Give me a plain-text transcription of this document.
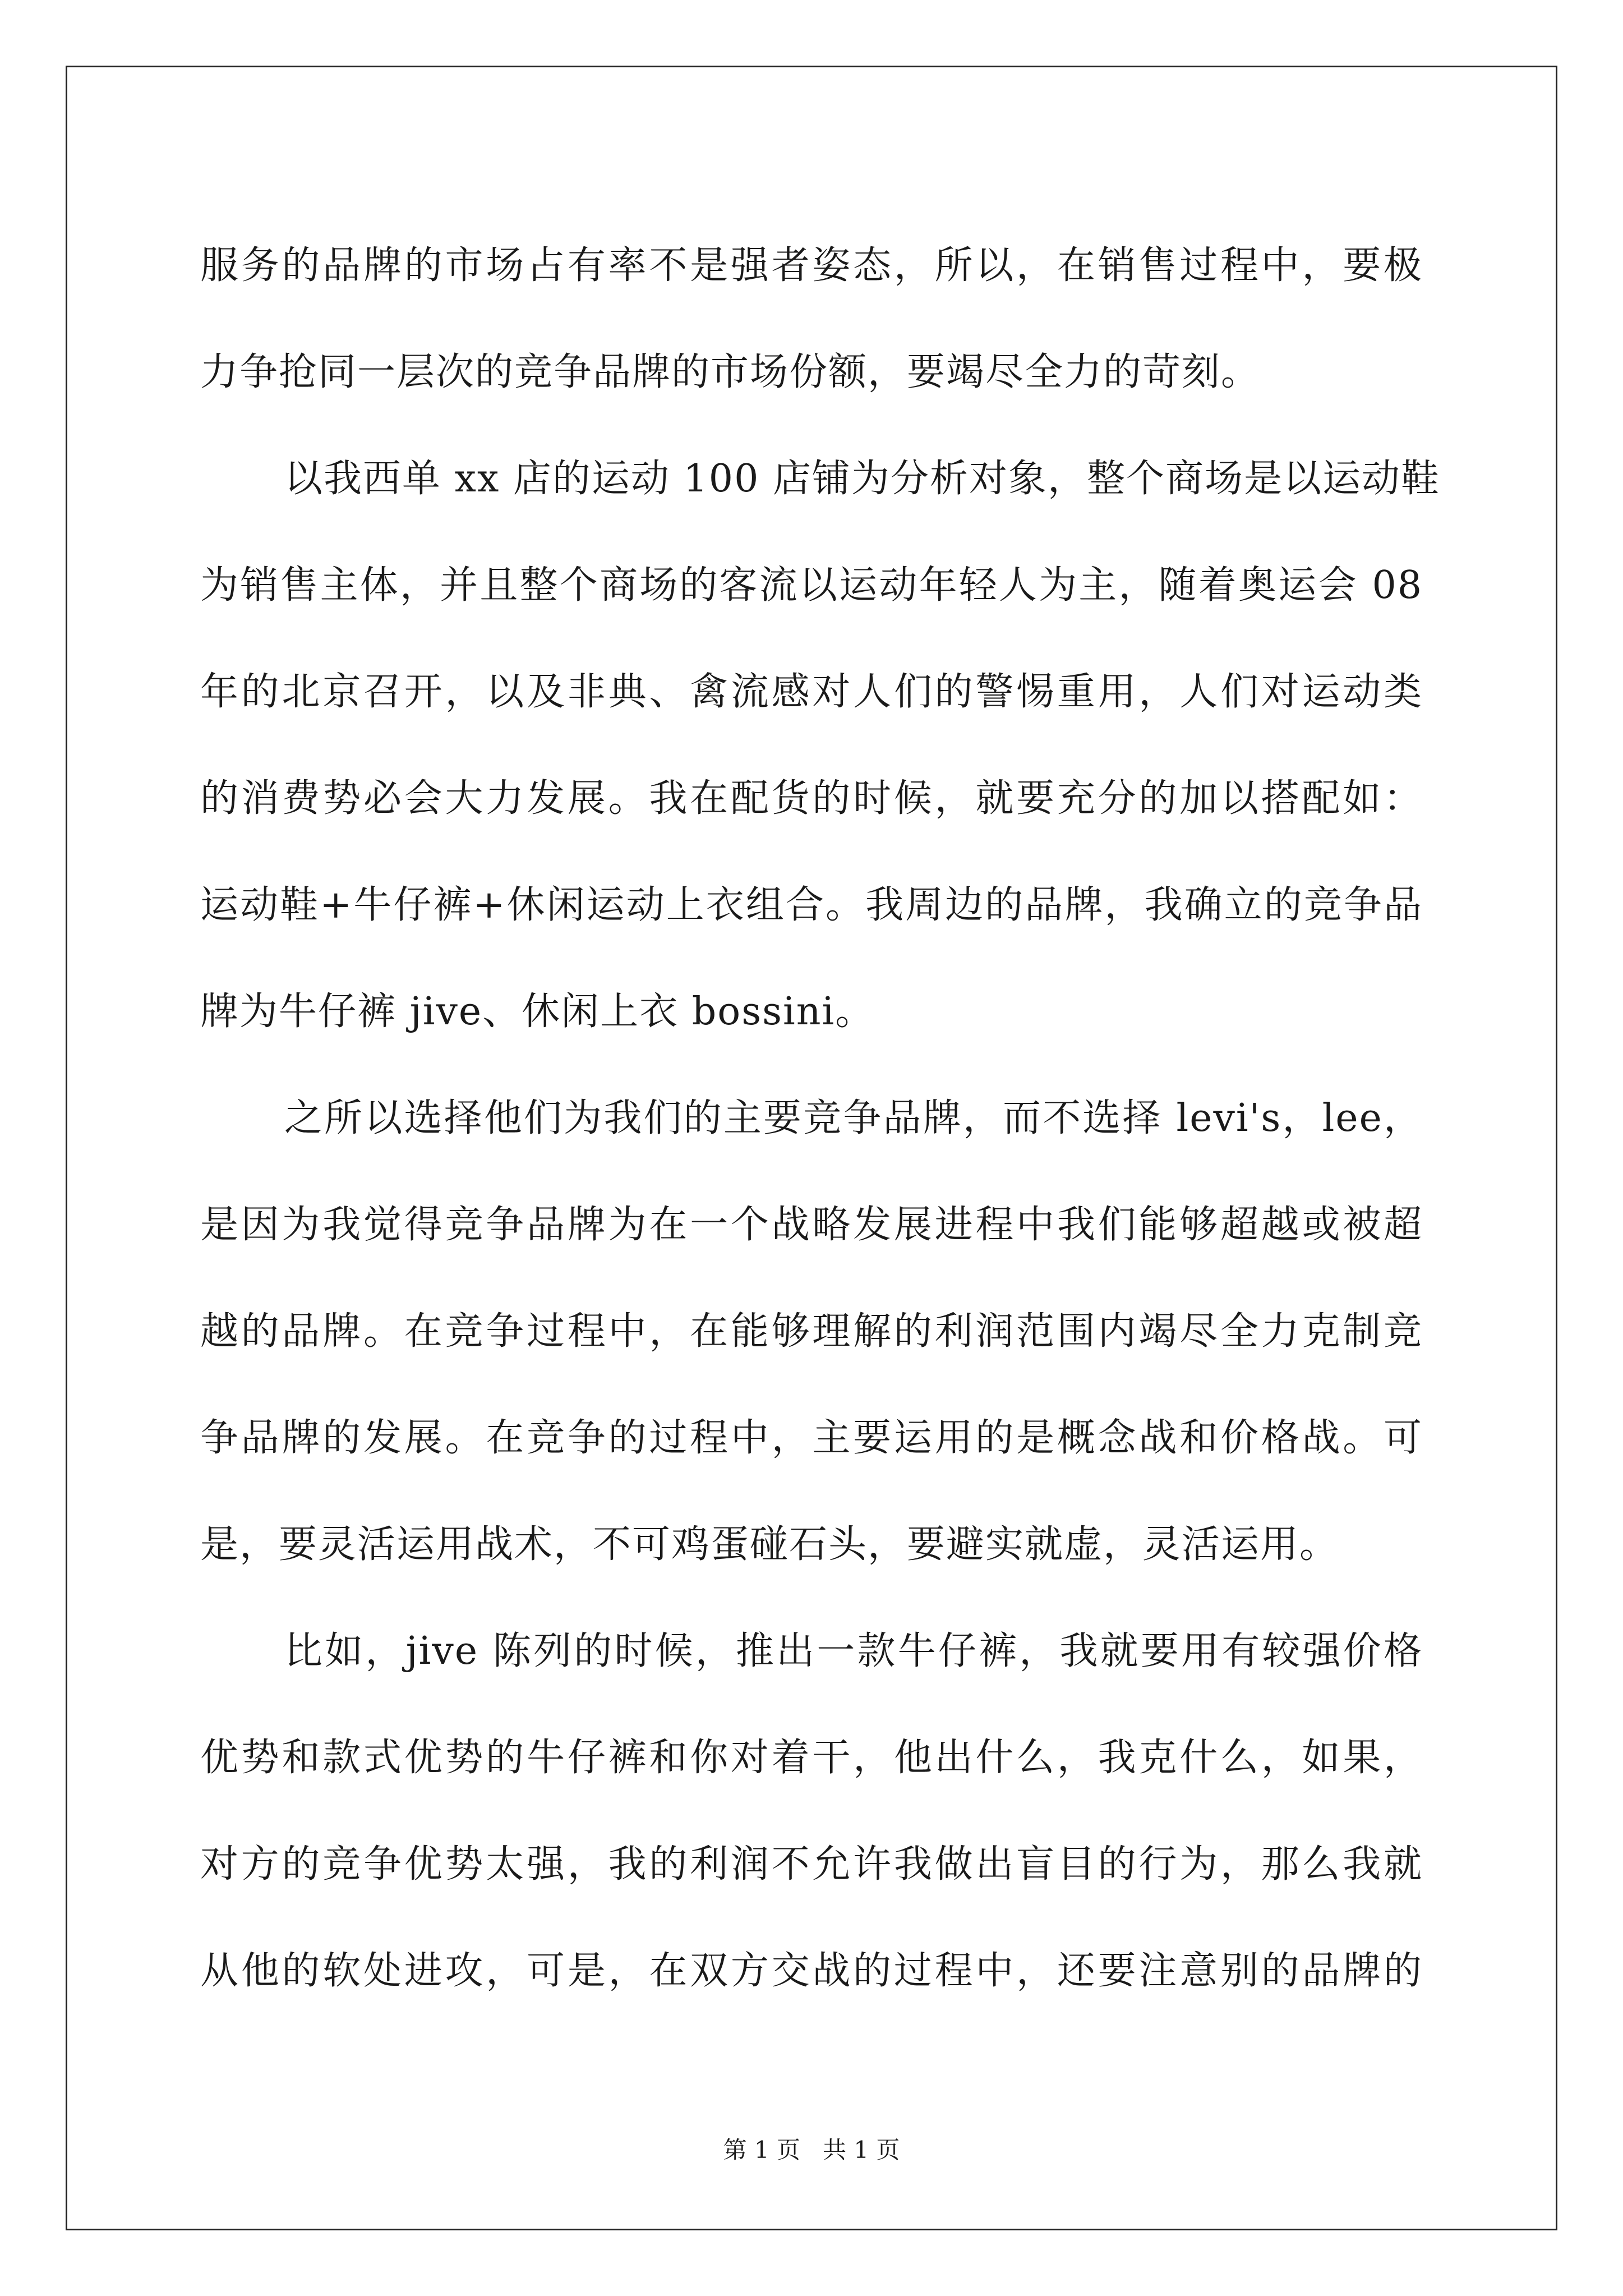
服务的品牌的市场占有率不是强者姿态，所以，在销售过程中，要极
力争抢同一层次的竞争品牌的市场份额，要竭尽全力的苛刻。
以我西单 xx 店的运动 100 店铺为分析对象，整个商场是以运动鞋
为销售主体，并且整个商场的客流以运动年轻人为主，随着奥运会 08
年的北京召开，以及非典、禽流感对人们的警惕重用，人们对运动类
的消费势必会大力发展。我在配货的时候，就要充分的加以搭配如：
运动鞋+牛仔裤+休闲运动上衣组合。我周边的品牌，我确立的竞争品
牌为牛仔裤 jive、休闲上衣 bossini。
之所以选择他们为我们的主要竞争品牌，而不选择 levi's，lee，
是因为我觉得竞争品牌为在一个战略发展进程中我们能够超越或被超
越的品牌。在竞争过程中，在能够理解的利润范围内竭尽全力克制竞
争品牌的发展。在竞争的过程中，主要运用的是概念战和价格战。可
是，要灵活运用战术，不可鸡蛋碰石头，要避实就虚，灵活运用。
比如，jive 陈列的时候，推出一款牛仔裤，我就要用有较强价格
优势和款式优势的牛仔裤和你对着干，他出什么，我克什么，如果，
对方的竞争优势太强，我的利润不允许我做出盲目的行为，那么我就
从他的软处进攻，可是，在双方交战的过程中，还要注意别的品牌的
第 1 页 共 1 页
